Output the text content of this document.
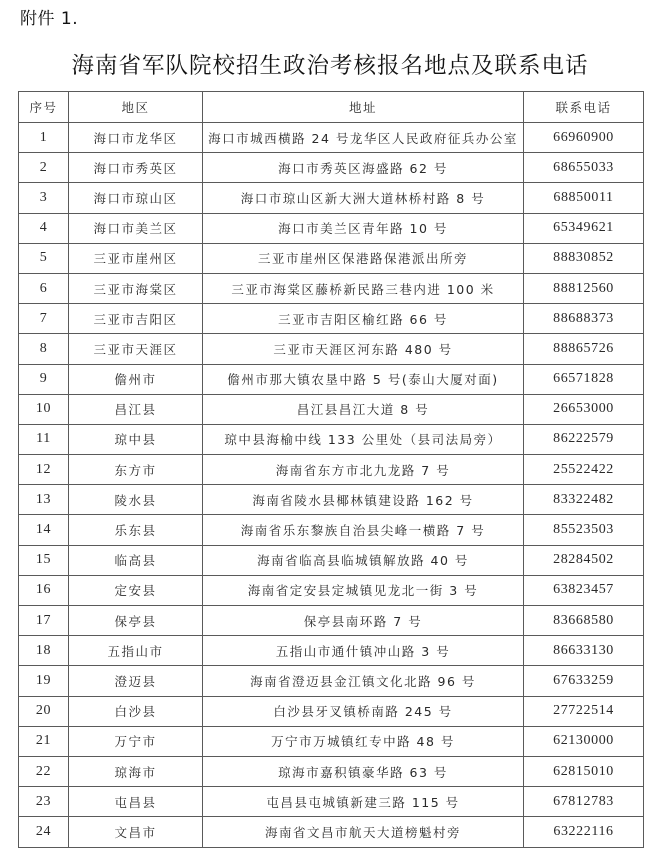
附件 1.
海南省军队院校招生政治考核报名地点及联系电话
序号	地区	地址	联系电话
1	海口市龙华区	海口市城西横路 24 号龙华区人民政府征兵办公室	66960900
2	海口市秀英区	海口市秀英区海盛路 62 号	68655033
3	海口市琼山区	海口市琼山区新大洲大道林桥村路 8 号	68850011
4	海口市美兰区	海口市美兰区青年路 10 号	65349621
5	三亚市崖州区	三亚市崖州区保港路保港派出所旁	88830852
6	三亚市海棠区	三亚市海棠区藤桥新民路三巷内进 100 米	88812560
7	三亚市吉阳区	三亚市吉阳区榆红路 66 号	88688373
8	三亚市天涯区	三亚市天涯区河东路 480 号	88865726
9	儋州市	儋州市那大镇农垦中路 5 号(泰山大厦对面)	66571828
10	昌江县	昌江县昌江大道 8 号	26653000
11	琼中县	琼中县海榆中线 133 公里处（县司法局旁）	86222579
12	东方市	海南省东方市北九龙路 7 号	25522422
13	陵水县	海南省陵水县椰林镇建设路 162 号	83322482
14	乐东县	海南省乐东黎族自治县尖峰一横路 7 号	85523503
15	临高县	海南省临高县临城镇解放路 40 号	28284502
16	定安县	海南省定安县定城镇见龙北一街 3 号	63823457
17	保亭县	保亭县南环路 7 号	83668580
18	五指山市	五指山市通什镇冲山路 3 号	86633130
19	澄迈县	海南省澄迈县金江镇文化北路 96 号	67633259
20	白沙县	白沙县牙叉镇桥南路 245 号	27722514
21	万宁市	万宁市万城镇红专中路 48 号	62130000
22	琼海市	琼海市嘉积镇豪华路 63 号	62815010
23	屯昌县	屯昌县屯城镇新建三路 115 号	67812783
24	文昌市	海南省文昌市航天大道榜魁村旁	63222116
